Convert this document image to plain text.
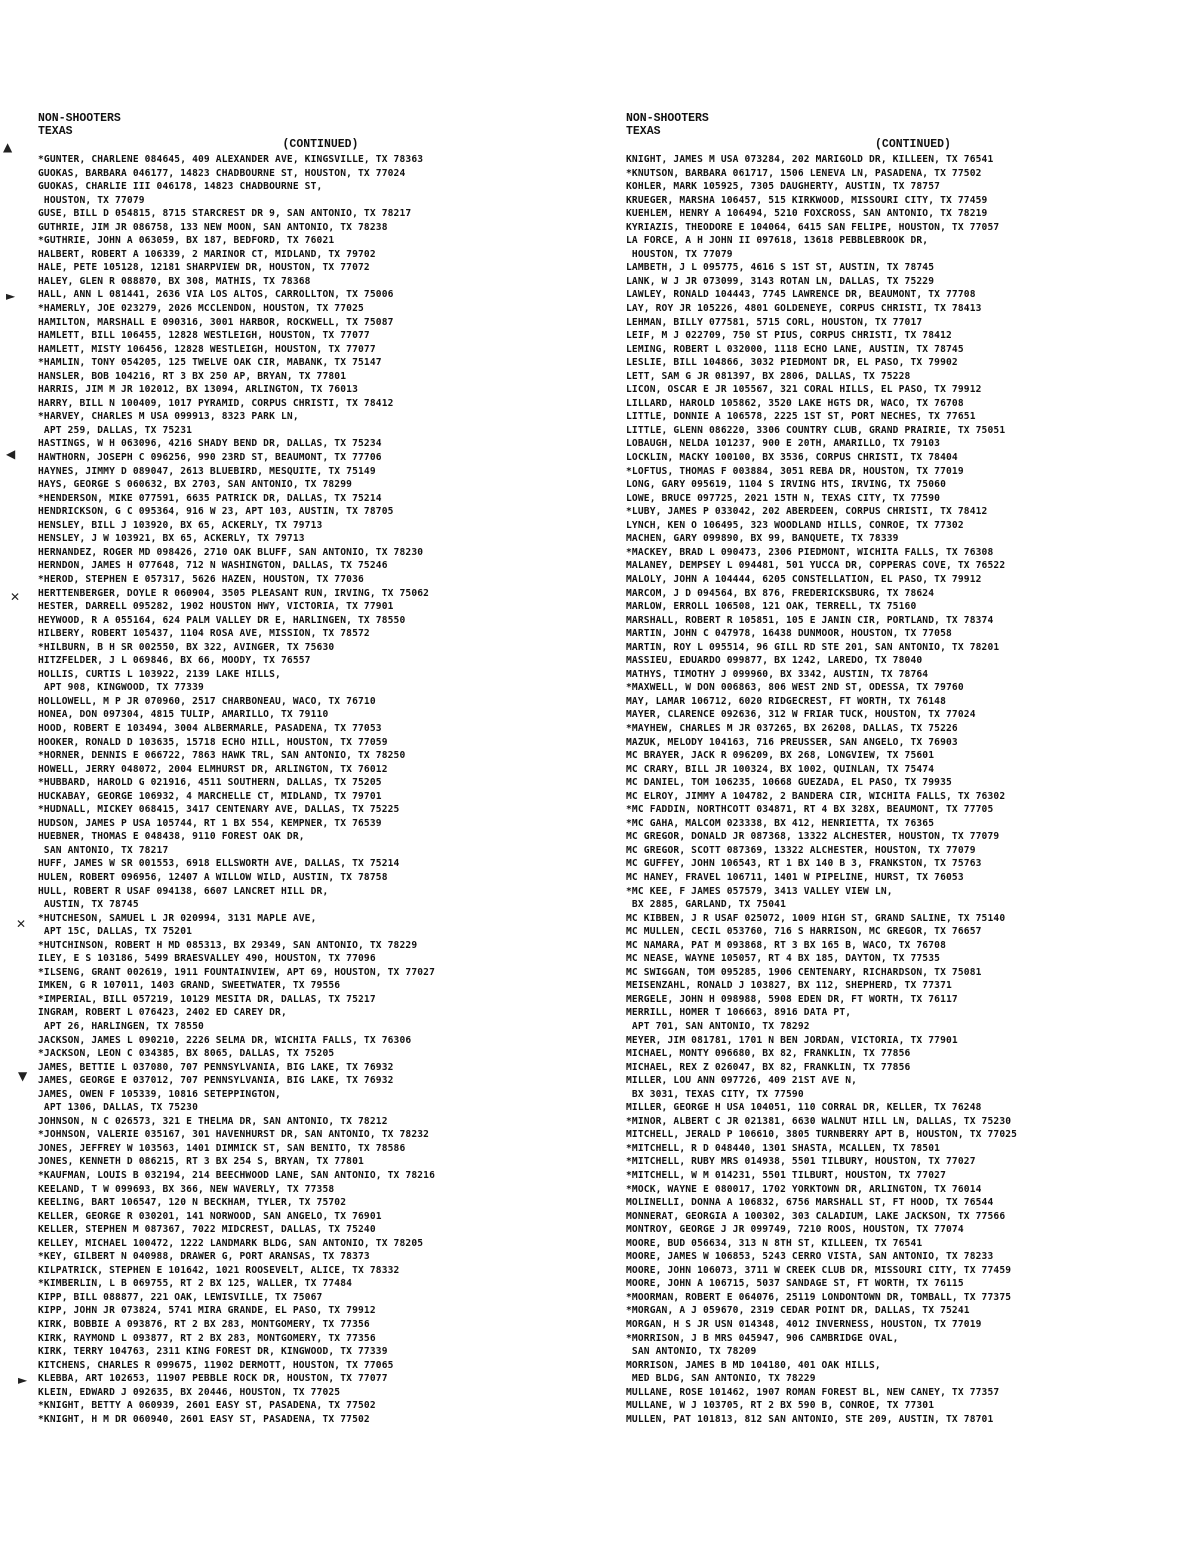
NON-SHOOTERS
TEXAS
(CONTINUED)
*GUNTER, CHARLENE 084645, 409 ALEXANDER AVE, KINGSVILLE, TX 78363
GUOKAS, BARBARA 046177, 14823 CHADBOURNE ST, HOUSTON, TX 77024
GUOKAS, CHARLIE III 046178, 14823 CHADBOURNE ST,
HOUSTON, TX 77079
GUSE, BILL D 054815, 8715 STARCREST DR 9, SAN ANTONIO, TX 78217
GUTHRIE, JIM JR 086758, 133 NEW MOON, SAN ANTONIO, TX 78238
*GUTHRIE, JOHN A 063059, BX 187, BEDFORD, TX 76021
HALBERT, ROBERT A 106339, 2 MARINOR CT, MIDLAND, TX 79702
HALE, PETE 105128, 12181 SHARPVIEW DR, HOUSTON, TX 77072
HALEY, GLEN R 088870, BX 308, MATHIS, TX 78368
HALL, ANN L 081441, 2636 VIA LOS ALTOS, CARROLLTON, TX 75006
*HAMERLY, JOE 023279, 2026 MCCLENDON, HOUSTON, TX 77025
HAMILTON, MARSHALL E 090316, 3001 HARBOR, ROCKWELL, TX 75087
HAMLETT, BILL 106455, 12828 WESTLEIGH, HOUSTON, TX 77077
HAMLETT, MISTY 106456, 12828 WESTLEIGH, HOUSTON, TX 77077
*HAMLIN, TONY 054205, 125 TWELVE OAK CIR, MABANK, TX 75147
HANSLER, BOB 104216, RT 3 BX 250 AP, BRYAN, TX 77801
HARRIS, JIM M JR 102012, BX 13094, ARLINGTON, TX 76013
HARRY, BILL N 100409, 1017 PYRAMID, CORPUS CHRISTI, TX 78412
*HARVEY, CHARLES M USA 099913, 8323 PARK LN,
APT 259, DALLAS, TX 75231
HASTINGS, W H 063096, 4216 SHADY BEND DR, DALLAS, TX 75234
HAWTHORN, JOSEPH C 096256, 990 23RD ST, BEAUMONT, TX 77706
HAYNES, JIMMY D 089047, 2613 BLUEBIRD, MESQUITE, TX 75149
HAYS, GEORGE S 060632, BX 2703, SAN ANTONIO, TX 78299
*HENDERSON, MIKE 077591, 6635 PATRICK DR, DALLAS, TX 75214
HENDRICKSON, G C 095364, 916 W 23, APT 103, AUSTIN, TX 78705
HENSLEY, BILL J 103920, BX 65, ACKERLY, TX 79713
HENSLEY, J W 103921, BX 65, ACKERLY, TX 79713
HERNANDEZ, ROGER MD 098426, 2710 OAK BLUFF, SAN ANTONIO, TX 78230
HERNDON, JAMES H 077648, 712 N WASHINGTON, DALLAS, TX 75246
*HEROD, STEPHEN E 057317, 5626 HAZEN, HOUSTON, TX 77036
HERTTENBERGER, DOYLE R 060904, 3505 PLEASANT RUN, IRVING, TX 75062
HESTER, DARRELL 095282, 1902 HOUSTON HWY, VICTORIA, TX 77901
HEYWOOD, R A 055164, 624 PALM VALLEY DR E, HARLINGEN, TX 78550
HILBERY, ROBERT 105437, 1104 ROSA AVE, MISSION, TX 78572
*HILBURN, B H SR 002550, BX 322, AVINGER, TX 75630
HITZFELDER, J L 069846, BX 66, MOODY, TX 76557
HOLLIS, CURTIS L 103922, 2139 LAKE HILLS,
APT 908, KINGWOOD, TX 77339
HOLLOWELL, M P JR 070960, 2517 CHARBONEAU, WACO, TX 76710
HONEA, DON 097304, 4815 TULIP, AMARILLO, TX 79110
HOOD, ROBERT E 103494, 3004 ALBERMARLE, PASADENA, TX 77053
HOOKER, RONALD D 103635, 15718 ECHO HILL, HOUSTON, TX 77059
*HORNER, DENNIS E 066722, 7863 HAWK TRL, SAN ANTONIO, TX 78250
HOWELL, JERRY 048072, 2004 ELMHURST DR, ARLINGTON, TX 76012
*HUBBARD, HAROLD G 021916, 4511 SOUTHERN, DALLAS, TX 75205
HUCKABAY, GEORGE 106932, 4 MARCHELLE CT, MIDLAND, TX 79701
*HUDNALL, MICKEY 068415, 3417 CENTENARY AVE, DALLAS, TX 75225
HUDSON, JAMES P USA 105744, RT 1 BX 554, KEMPNER, TX 76539
HUEBNER, THOMAS E 048438, 9110 FOREST OAK DR,
SAN ANTONIO, TX 78217
HUFF, JAMES W SR 001553, 6918 ELLSWORTH AVE, DALLAS, TX 75214
HULEN, ROBERT 096956, 12407 A WILLOW WILD, AUSTIN, TX 78758
HULL, ROBERT R USAF 094138, 6607 LANCRET HILL DR,
AUSTIN, TX 78745
*HUTCHESON, SAMUEL L JR 020994, 3131 MAPLE AVE,
APT 15C, DALLAS, TX 75201
*HUTCHINSON, ROBERT H MD 085313, BX 29349, SAN ANTONIO, TX 78229
ILEY, E S 103186, 5499 BRAESVALLEY 490, HOUSTON, TX 77096
*ILSENG, GRANT 002619, 1911 FOUNTAINVIEW, APT 69, HOUSTON, TX 77027
IMKEN, G R 107011, 1403 GRAND, SWEETWATER, TX 79556
*IMPERIAL, BILL 057219, 10129 MESITA DR, DALLAS, TX 75217
INGRAM, ROBERT L 076423, 2402 ED CAREY DR,
APT 26, HARLINGEN, TX 78550
JACKSON, JAMES L 090210, 2226 SELMA DR, WICHITA FALLS, TX 76306
*JACKSON, LEON C 034385, BX 8065, DALLAS, TX 75205
JAMES, BETTIE L 037080, 707 PENNSYLVANIA, BIG LAKE, TX 76932
JAMES, GEORGE E 037012, 707 PENNSYLVANIA, BIG LAKE, TX 76932
JAMES, OWEN F 105339, 10816 SETEPPINGTON,
APT 1306, DALLAS, TX 75230
JOHNSON, N C 026573, 321 E THELMA DR, SAN ANTONIO, TX 78212
*JOHNSON, VALERIE 035167, 301 HAVENHURST DR, SAN ANTONIO, TX 78232
JONES, JEFFREY W 103563, 1401 DIMMICK ST, SAN BENITO, TX 78586
JONES, KENNETH D 086215, RT 3 BX 254 S, BRYAN, TX 77801
*KAUFMAN, LOUIS B 032194, 214 BEECHWOOD LANE, SAN ANTONIO, TX 78216
KEELAND, T W 099693, BX 366, NEW WAVERLY, TX 77358
KEELING, BART 106547, 120 N BECKHAM, TYLER, TX 75702
KELLER, GEORGE R 030201, 141 NORWOOD, SAN ANGELO, TX 76901
KELLER, STEPHEN M 087367, 7022 MIDCREST, DALLAS, TX 75240
KELLEY, MICHAEL 100472, 1222 LANDMARK BLDG, SAN ANTONIO, TX 78205
*KEY, GILBERT N 040988, DRAWER G, PORT ARANSAS, TX 78373
KILPATRICK, STEPHEN E 101642, 1021 ROOSEVELT, ALICE, TX 78332
*KIMBERLIN, L B 069755, RT 2 BX 125, WALLER, TX 77484
KIPP, BILL 088877, 221 OAK, LEWISVILLE, TX 75067
KIPP, JOHN JR 073824, 5741 MIRA GRANDE, EL PASO, TX 79912
KIRK, BOBBIE A 093876, RT 2 BX 283, MONTGOMERY, TX 77356
KIRK, RAYMOND L 093877, RT 2 BX 283, MONTGOMERY, TX 77356
KIRK, TERRY 104763, 2311 KING FOREST DR, KINGWOOD, TX 77339
KITCHENS, CHARLES R 099675, 11902 DERMOTT, HOUSTON, TX 77065
KLEBBA, ART 102653, 11907 PEBBLE ROCK DR, HOUSTON, TX 77077
KLEIN, EDWARD J 092635, BX 20446, HOUSTON, TX 77025
*KNIGHT, BETTY A 060939, 2601 EASY ST, PASADENA, TX 77502
*KNIGHT, H M DR 060940, 2601 EASY ST, PASADENA, TX 77502
NON-SHOOTERS
TEXAS
(CONTINUED)
KNIGHT, JAMES M USA 073284, 202 MARIGOLD DR, KILLEEN, TX 76541
*KNUTSON, BARBARA 061717, 1506 LENEVA LN, PASADENA, TX 77502
KOHLER, MARK 105925, 7305 DAUGHERTY, AUSTIN, TX 78757
KRUEGER, MARSHA 106457, 515 KIRKWOOD, MISSOURI CITY, TX 77459
KUEHLEM, HENRY A 106494, 5210 FOXCROSS, SAN ANTONIO, TX 78219
KYRIAZIS, THEODORE E 104064, 6415 SAN FELIPE, HOUSTON, TX 77057
LA FORCE, A H JOHN II 097618, 13618 PEBBLEBROOK DR,
HOUSTON, TX 77079
LAMBETH, J L 095775, 4616 S 1ST ST, AUSTIN, TX 78745
LANK, W J JR 073099, 3143 ROTAN LN, DALLAS, TX 75229
LAWLEY, RONALD 104443, 7745 LAWRENCE DR, BEAUMONT, TX 77708
LAY, ROY JR 105226, 4801 GOLDENEYE, CORPUS CHRISTI, TX 78413
LEHMAN, BILLY 077581, 5715 CORL, HOUSTON, TX 77017
LEIF, M J 022709, 750 ST PIUS, CORPUS CHRISTI, TX 78412
LEMING, ROBERT L 032000, 1118 ECHO LANE, AUSTIN, TX 78745
LESLIE, BILL 104866, 3032 PIEDMONT DR, EL PASO, TX 79902
LETT, SAM G JR 081397, BX 2806, DALLAS, TX 75228
LICON, OSCAR E JR 105567, 321 CORAL HILLS, EL PASO, TX 79912
LILLARD, HAROLD 105862, 3520 LAKE HGTS DR, WACO, TX 76708
LITTLE, DONNIE A 106578, 2225 1ST ST, PORT NECHES, TX 77651
LITTLE, GLENN 086220, 3306 COUNTRY CLUB, GRAND PRAIRIE, TX 75051
LOBAUGH, NELDA 101237, 900 E 20TH, AMARILLO, TX 79103
LOCKLIN, MACKY 100100, BX 3536, CORPUS CHRISTI, TX 78404
*LOFTUS, THOMAS F 003884, 3051 REBA DR, HOUSTON, TX 77019
LONG, GARY 095619, 1104 S IRVING HTS, IRVING, TX 75060
LOWE, BRUCE 097725, 2021 15TH N, TEXAS CITY, TX 77590
*LUBY, JAMES P 033042, 202 ABERDEEN, CORPUS CHRISTI, TX 78412
LYNCH, KEN O 106495, 323 WOODLAND HILLS, CONROE, TX 77302
MACHEN, GARY 099890, BX 99, BANQUETE, TX 78339
*MACKEY, BRAD L 090473, 2306 PIEDMONT, WICHITA FALLS, TX 76308
MALANEY, DEMPSEY L 094481, 501 YUCCA DR, COPPERAS COVE, TX 76522
MALOLY, JOHN A 104444, 6205 CONSTELLATION, EL PASO, TX 79912
MARCOM, J D 094564, BX 876, FREDERICKSBURG, TX 78624
MARLOW, ERROLL 106508, 121 OAK, TERRELL, TX 75160
MARSHALL, ROBERT R 105851, 105 E JANIN CIR, PORTLAND, TX 78374
MARTIN, JOHN C 047978, 16438 DUNMOOR, HOUSTON, TX 77058
MARTIN, ROY L 095514, 96 GILL RD STE 201, SAN ANTONIO, TX 78201
MASSIEU, EDUARDO 099877, BX 1242, LAREDO, TX 78040
MATHYS, TIMOTHY J 099960, BX 3342, AUSTIN, TX 78764
*MAXWELL, W DON 006863, 806 WEST 2ND ST, ODESSA, TX 79760
MAY, LAMAR 106712, 6020 RIDGECREST, FT WORTH, TX 76148
MAYER, CLARENCE 092636, 312 W FRIAR TUCK, HOUSTON, TX 77024
*MAYHEW, CHARLES M JR 037265, BX 26208, DALLAS, TX 75226
MAZUK, MELODY 104163, 716 PREUSSER, SAN ANGELO, TX 76903
MC BRAYER, JACK R 096209, BX 268, LONGVIEW, TX 75601
MC CRARY, BILL JR 100324, BX 1002, QUINLAN, TX 75474
MC DANIEL, TOM 106235, 10668 GUEZADA, EL PASO, TX 79935
MC ELROY, JIMMY A 104782, 2 BANDERA CIR, WICHITA FALLS, TX 76302
*MC FADDIN, NORTHCOTT 034871, RT 4 BX 328X, BEAUMONT, TX 77705
*MC GAHA, MALCOM 023338, BX 412, HENRIETTA, TX 76365
MC GREGOR, DONALD JR 087368, 13322 ALCHESTER, HOUSTON, TX 77079
MC GREGOR, SCOTT 087369, 13322 ALCHESTER, HOUSTON, TX 77079
MC GUFFEY, JOHN 106543, RT 1 BX 140 B 3, FRANKSTON, TX 75763
MC HANEY, FRAVEL 106711, 1401 W PIPELINE, HURST, TX 76053
*MC KEE, F JAMES 057579, 3413 VALLEY VIEW LN,
BX 2885, GARLAND, TX 75041
MC KIBBEN, J R USAF 025072, 1009 HIGH ST, GRAND SALINE, TX 75140
MC MULLEN, CECIL 053760, 716 S HARRISON, MC GREGOR, TX 76657
MC NAMARA, PAT M 093868, RT 3 BX 165 B, WACO, TX 76708
MC NEASE, WAYNE 105057, RT 4 BX 185, DAYTON, TX 77535
MC SWIGGAN, TOM 095285, 1906 CENTENARY, RICHARDSON, TX 75081
MEISENZAHL, RONALD J 103827, BX 112, SHEPHERD, TX 77371
MERGELE, JOHN H 098988, 5908 EDEN DR, FT WORTH, TX 76117
MERRILL, HOMER T 106663, 8916 DATA PT,
APT 701, SAN ANTONIO, TX 78292
MEYER, JIM 081781, 1701 N BEN JORDAN, VICTORIA, TX 77901
MICHAEL, MONTY 096680, BX 82, FRANKLIN, TX 77856
MICHAEL, REX Z 026047, BX 82, FRANKLIN, TX 77856
MILLER, LOU ANN 097726, 409 21ST AVE N,
BX 3031, TEXAS CITY, TX 77590
MILLER, GEORGE H USA 104051, 110 CORRAL DR, KELLER, TX 76248
*MINOR, ALBERT C JR 021381, 6630 WALNUT HILL LN, DALLAS, TX 75230
MITCHELL, JERALD P 106610, 3805 TURNBERRY APT B, HOUSTON, TX 77025
*MITCHELL, R D 048440, 1301 SHASTA, MCALLEN, TX 78501
*MITCHELL, RUBY MRS 014938, 5501 TILBURY, HOUSTON, TX 77027
*MITCHELL, W M 014231, 5501 TILBURT, HOUSTON, TX 77027
*MOCK, WAYNE E 080017, 1702 YORKTOWN DR, ARLINGTON, TX 76014
MOLINELLI, DONNA A 106832, 6756 MARSHALL ST, FT HOOD, TX 76544
MONNERAT, GEORGIA A 100302, 303 CALADIUM, LAKE JACKSON, TX 77566
MONTROY, GEORGE J JR 099749, 7210 ROOS, HOUSTON, TX 77074
MOORE, BUD 056634, 313 N 8TH ST, KILLEEN, TX 76541
MOORE, JAMES W 106853, 5243 CERRO VISTA, SAN ANTONIO, TX 78233
MOORE, JOHN 106073, 3711 W CREEK CLUB DR, MISSOURI CITY, TX 77459
MOORE, JOHN A 106715, 5037 SANDAGE ST, FT WORTH, TX 76115
*MOORMAN, ROBERT E 064076, 25119 LONDONTOWN DR, TOMBALL, TX 77375
*MORGAN, A J 059670, 2319 CEDAR POINT DR, DALLAS, TX 75241
MORGAN, H S JR USN 014348, 4012 INVERNESS, HOUSTON, TX 77019
*MORRISON, J B MRS 045947, 906 CAMBRIDGE OVAL,
SAN ANTONIO, TX 78209
MORRISON, JAMES B MD 104180, 401 OAK HILLS,
MED BLDG, SAN ANTONIO, TX 78229
MULLANE, ROSE 101462, 1907 ROMAN FOREST BL, NEW CANEY, TX 77357
MULLANE, W J 103705, RT 2 BX 590 B, CONROE, TX 77301
MULLEN, PAT 101813, 812 SAN ANTONIO, STE 209, AUSTIN, TX 78701
▲
►
◀
✕
✕
▼
►
